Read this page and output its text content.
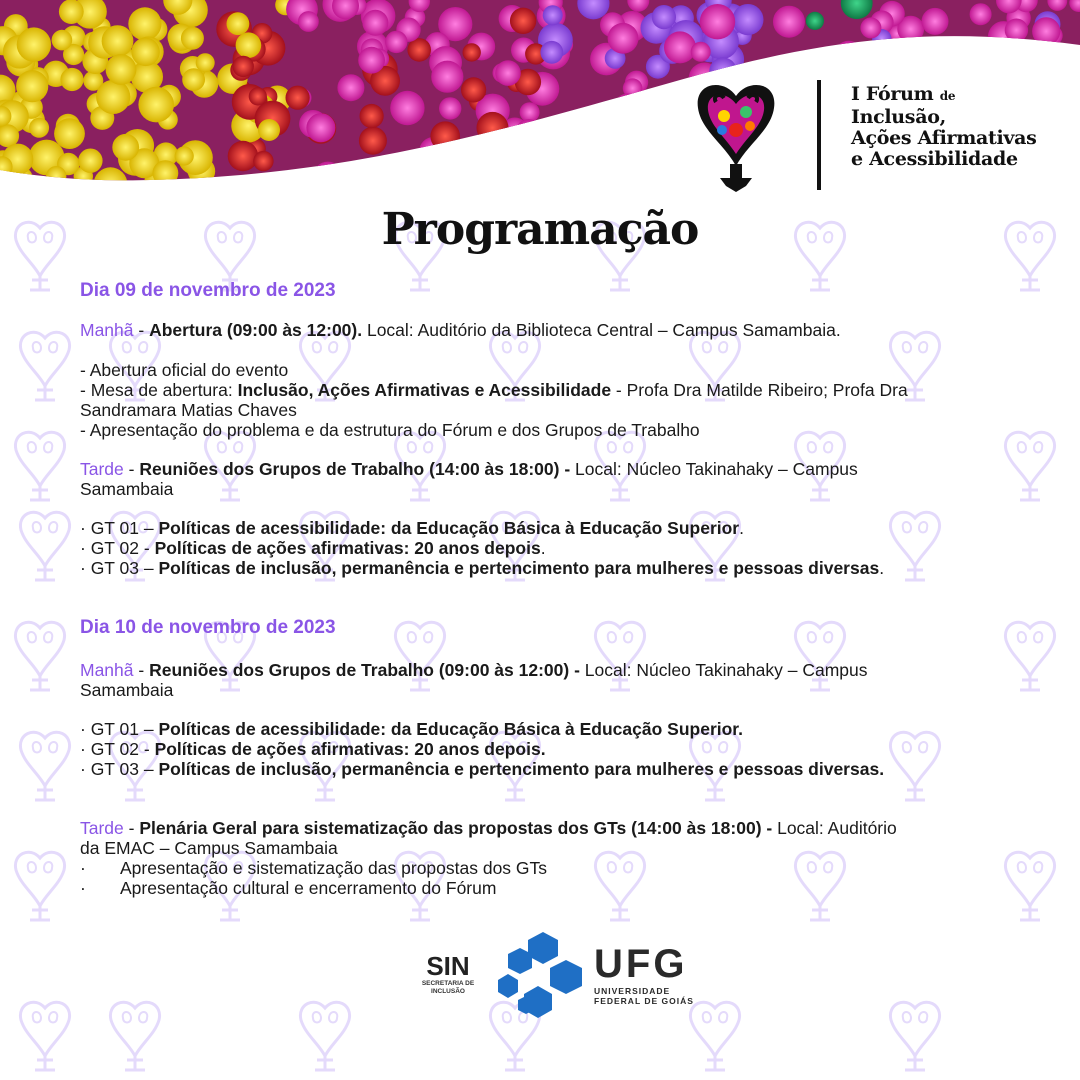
I Fórum de
Inclusão,
Ações Afirmativas
e Acessibilidade
Programação
Dia 09 de novembro de 2023
Manhã - Abertura (09:00 às 12:00). Local: Auditório da Biblioteca Central – Campus Samambaia.
- Abertura oficial do evento
- Mesa de abertura: Inclusão, Ações Afirmativas e Acessibilidade - Profa Dra Matilde Ribeiro; Profa Dra
Sandramara Matias Chaves
- Apresentação do problema e da estrutura do Fórum e dos Grupos de Trabalho
Tarde - Reuniões dos Grupos de Trabalho (14:00 às 18:00) - Local: Núcleo Takinahaky – Campus
Samambaia
· GT 01 – Políticas de acessibilidade: da Educação Básica à Educação Superior.
· GT 02 - Políticas de ações afirmativas: 20 anos depois.
· GT 03 – Políticas de inclusão, permanência e pertencimento para mulheres e pessoas diversas.
Dia 10 de novembro de 2023
Manhã - Reuniões dos Grupos de Trabalho (09:00 às 12:00) - Local: Núcleo Takinahaky – Campus
Samambaia
· GT 01 – Políticas de acessibilidade: da Educação Básica à Educação Superior.
· GT 02 - Políticas de ações afirmativas: 20 anos depois.
· GT 03 – Políticas de inclusão, permanência e pertencimento para mulheres e pessoas diversas.
Tarde - Plenária Geral para sistematização das propostas dos GTs (14:00 às 18:00) - Local: Auditório
da EMAC – Campus Samambaia
· Apresentação e sistematização das propostas dos GTs
· Apresentação cultural e encerramento do Fórum
SIN
SECRETARIA DE
INCLUSÃO
UFG
UNIVERSIDADE
FEDERAL DE GOIÁS
